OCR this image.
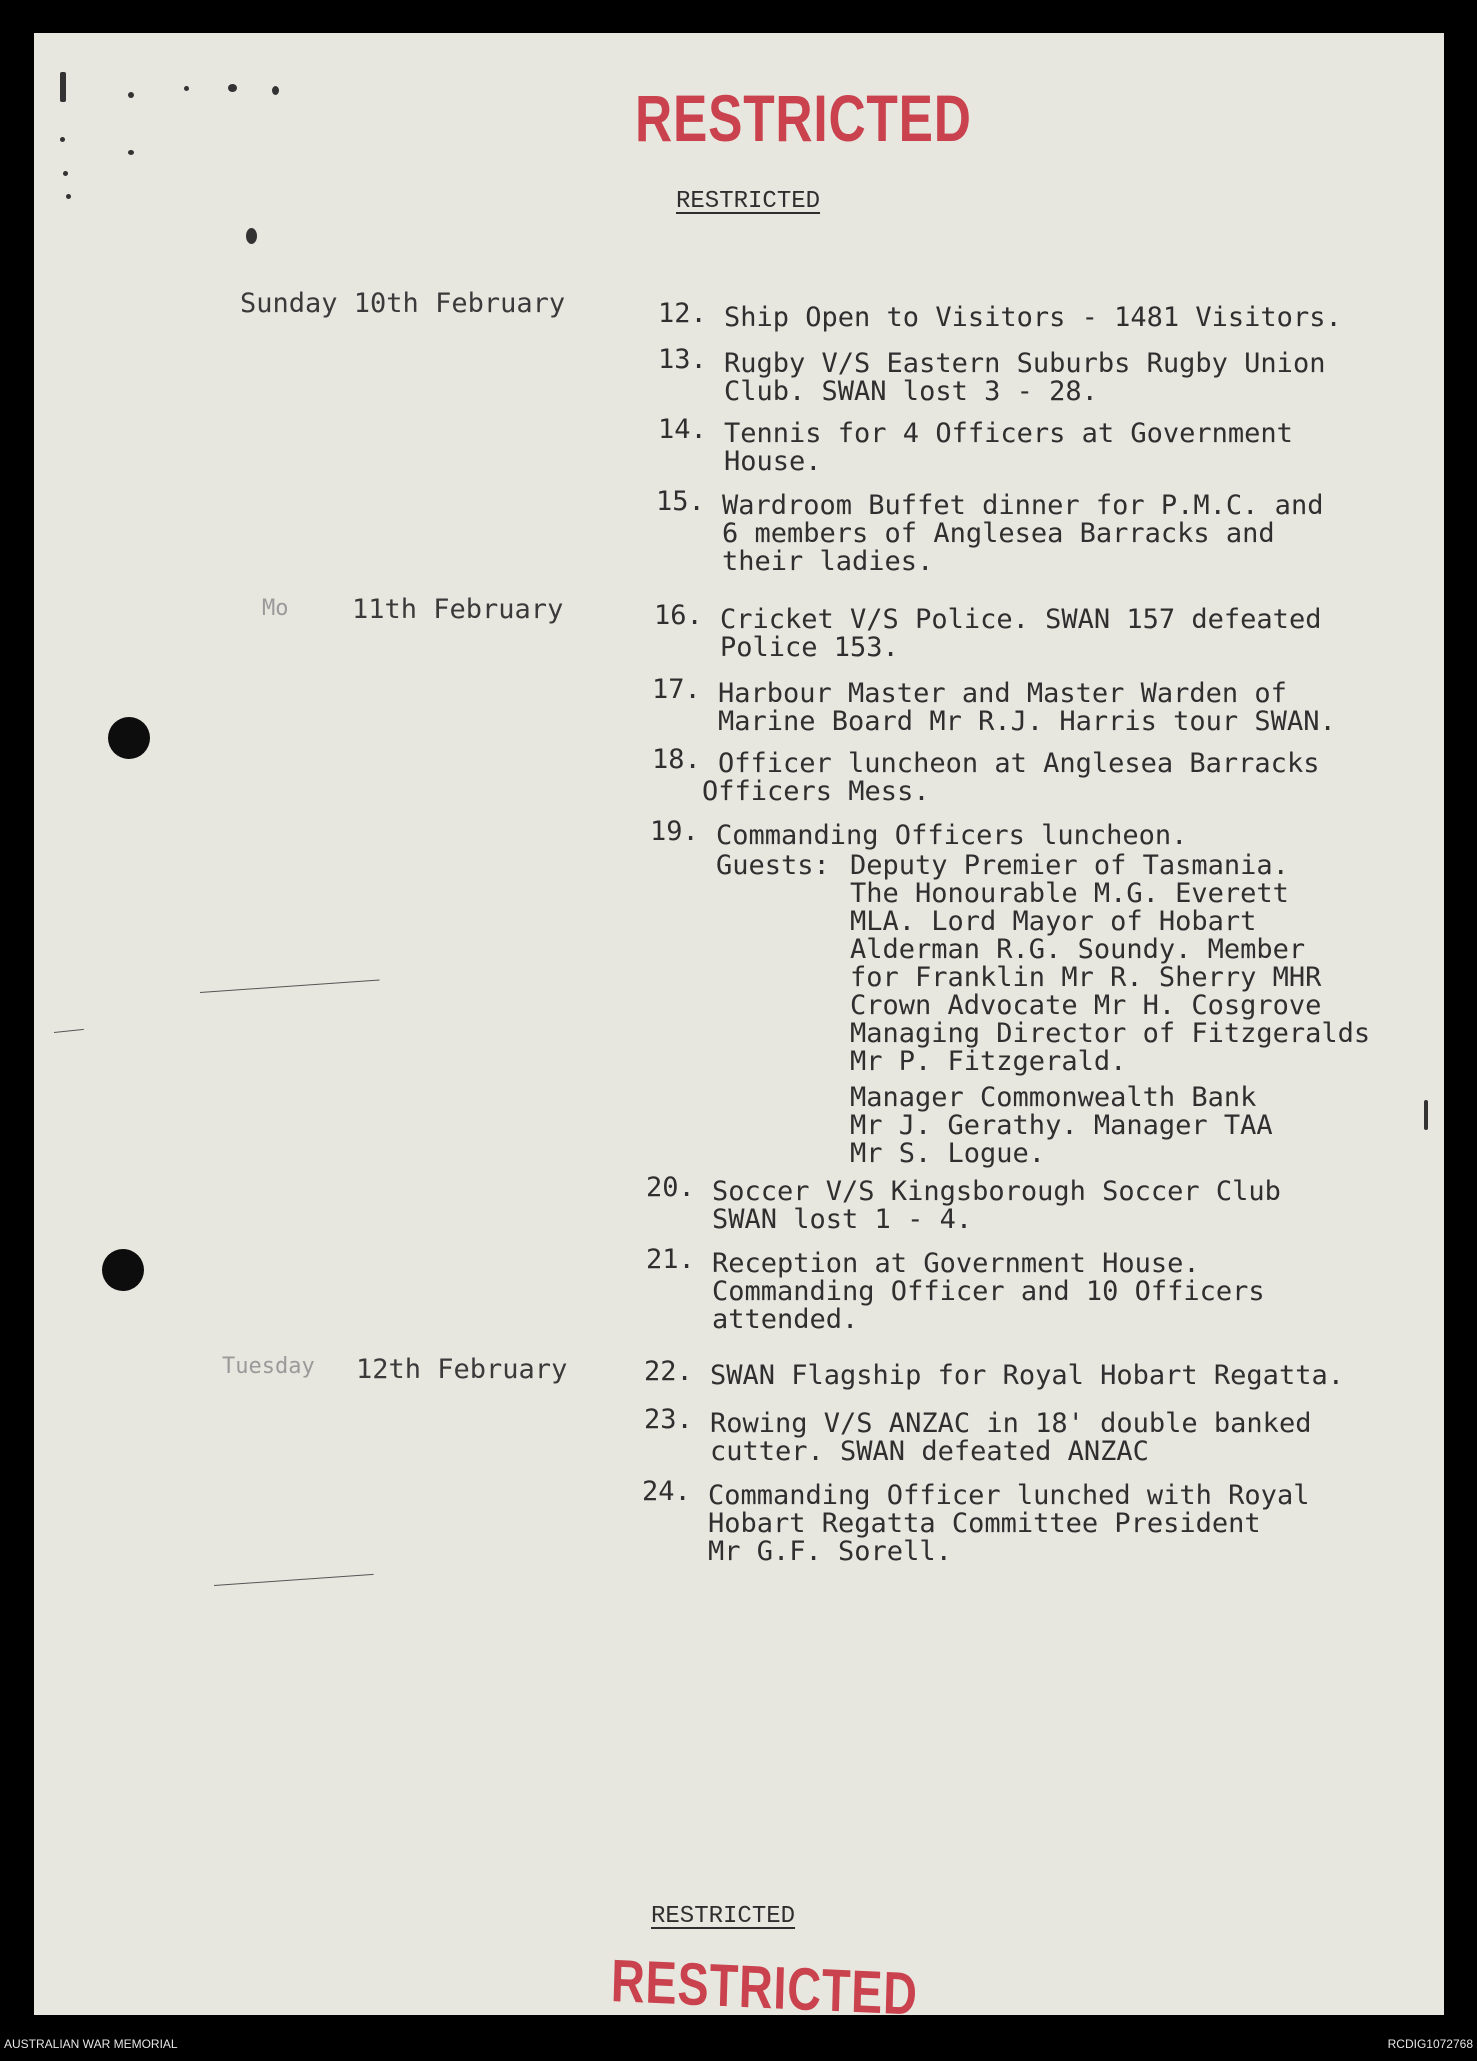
RESTRICTED
RESTRICTED
Sunday 10th February
Mo 11th February
Tuesday 12th February
12. Ship Open to Visitors - 1481 Visitors.
13. Rugby V/S Eastern Suburbs Rugby Union
Club. SWAN lost 3 - 28.
14. Tennis for 4 Officers at Government
House.
15. Wardroom Buffet dinner for P.M.C. and
6 members of Anglesea Barracks and
their ladies.
16. Cricket V/S Police. SWAN 157 defeated
Police 153.
17. Harbour Master and Master Warden of
Marine Board Mr R.J. Harris tour SWAN.
18. Officer luncheon at Anglesea Barracks
Officers Mess.
19. Commanding Officers luncheon.
Guests: Deputy Premier of Tasmania.
The Honourable M.G. Everett
MLA. Lord Mayor of Hobart
Alderman R.G. Soundy. Member
for Franklin Mr R. Sherry MHR
Crown Advocate Mr H. Cosgrove
Managing Director of Fitzgeralds
Mr P. Fitzgerald.
Manager Commonwealth Bank
Mr J. Gerathy. Manager TAA
Mr S. Logue.
20. Soccer V/S Kingsborough Soccer Club
SWAN lost 1 - 4.
21. Reception at Government House.
Commanding Officer and 10 Officers
attended.
22. SWAN Flagship for Royal Hobart Regatta.
23. Rowing V/S ANZAC in 18' double banked
cutter. SWAN defeated ANZAC
24. Commanding Officer lunched with Royal
Hobart Regatta Committee President
Mr G.F. Sorell.
RESTRICTED
RESTRICTED
AUSTRALIAN WAR MEMORIAL	RCDIG1072768
